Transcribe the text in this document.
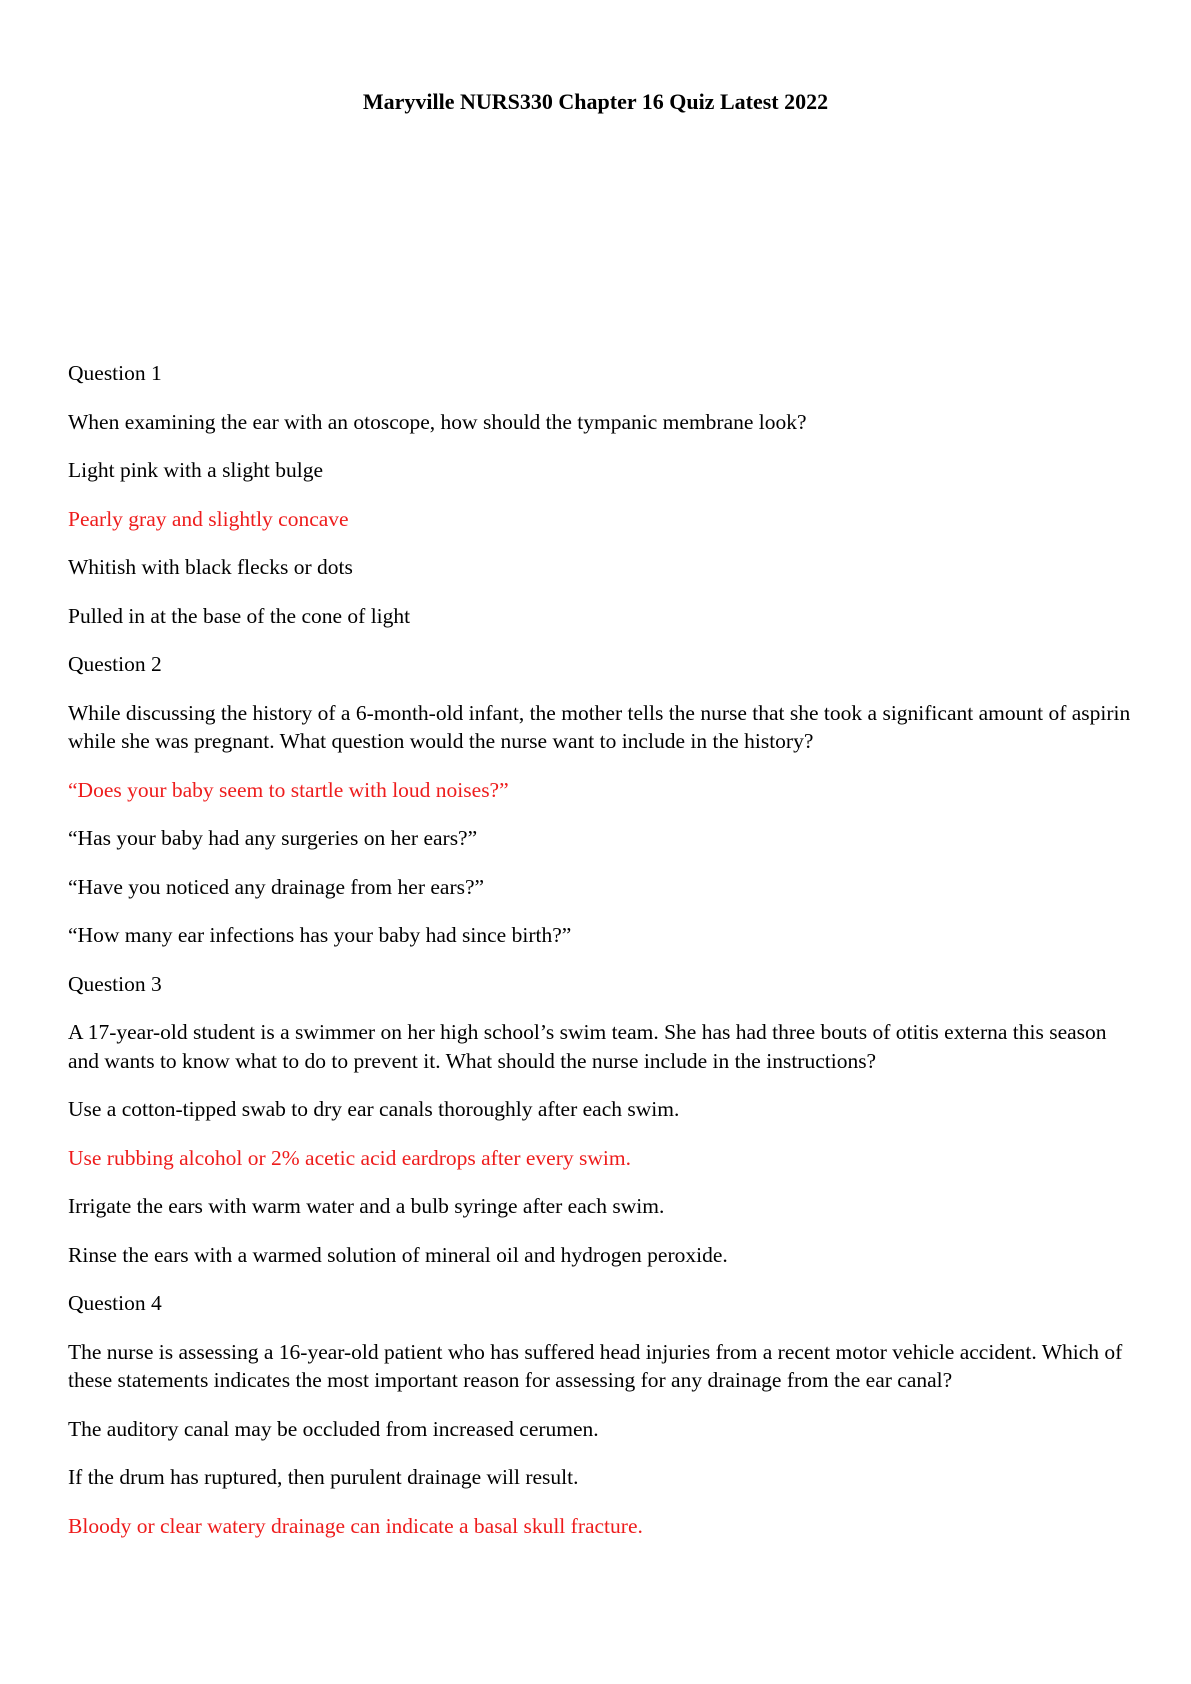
Maryville NURS330 Chapter 16 Quiz Latest 2022

Question 1

When examining the ear with an otoscope, how should the tympanic membrane look?

Light pink with a slight bulge

Pearly gray and slightly concave

Whitish with black flecks or dots

Pulled in at the base of the cone of light

Question 2

While discussing the history of a 6-month-old infant, the mother tells the nurse that she took a significant amount of aspirin while she was pregnant. What question would the nurse want to include in the history?

“Does your baby seem to startle with loud noises?”

“Has your baby had any surgeries on her ears?”

“Have you noticed any drainage from her ears?”

“How many ear infections has your baby had since birth?”

Question 3

A 17-year-old student is a swimmer on her high school’s swim team. She has had three bouts of otitis externa this season and wants to know what to do to prevent it. What should the nurse include in the instructions?

Use a cotton-tipped swab to dry ear canals thoroughly after each swim.

Use rubbing alcohol or 2% acetic acid eardrops after every swim.

Irrigate the ears with warm water and a bulb syringe after each swim.

Rinse the ears with a warmed solution of mineral oil and hydrogen peroxide.

Question 4

The nurse is assessing a 16-year-old patient who has suffered head injuries from a recent motor vehicle accident. Which of these statements indicates the most important reason for assessing for any drainage from the ear canal?

The auditory canal may be occluded from increased cerumen.

If the drum has ruptured, then purulent drainage will result.

Bloody or clear watery drainage can indicate a basal skull fracture.
